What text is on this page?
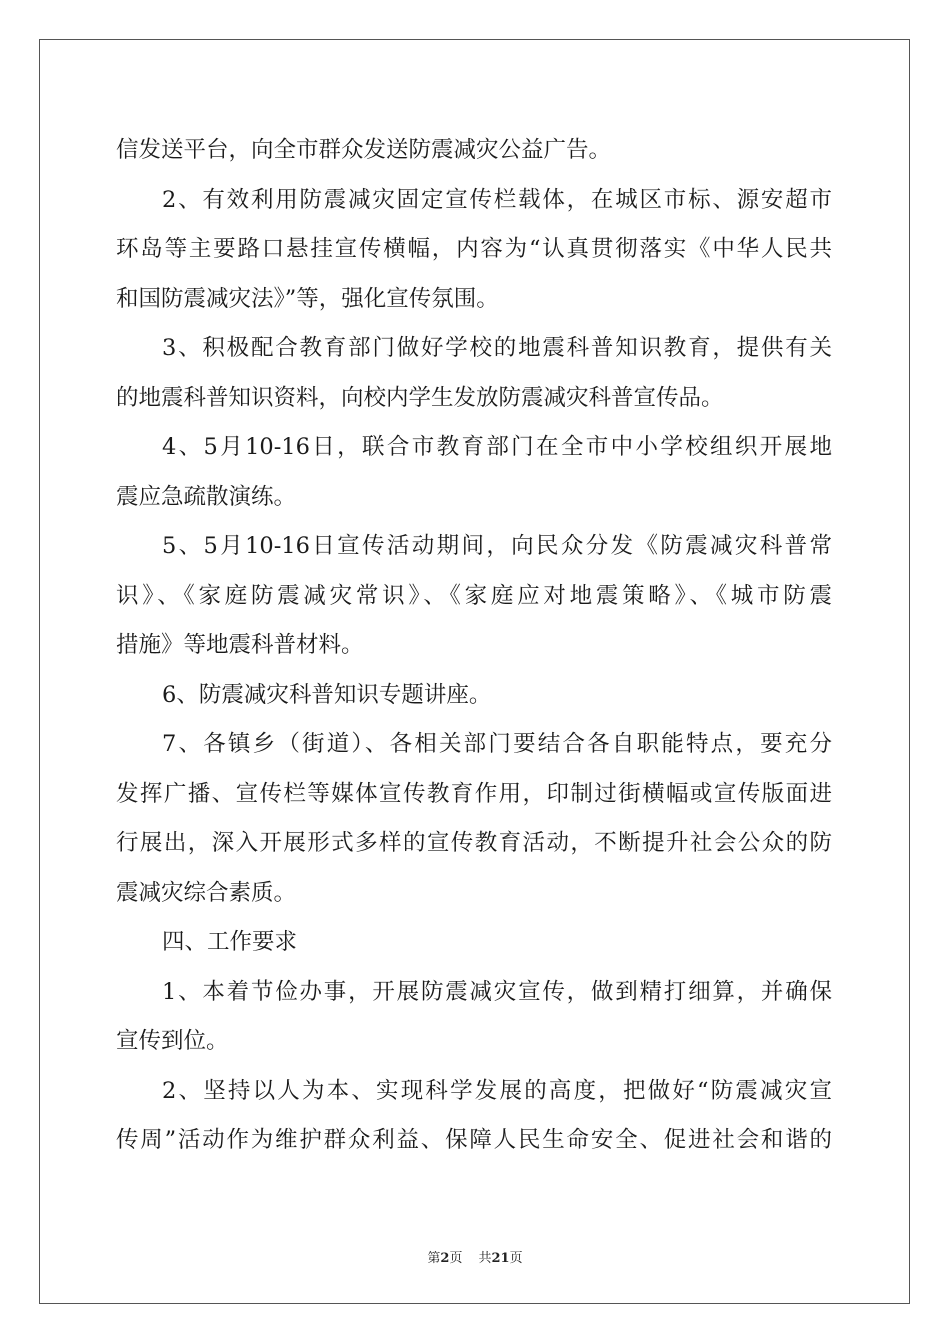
信发送平台，向全市群众发送防震减灾公益广告。
2、有效利用防震减灾固定宣传栏载体，在城区市标、源安超市
环岛等主要路口悬挂宣传横幅，内容为“认真贯彻落实《中华人民共
和国防震减灾法》”等，强化宣传氛围。
3、积极配合教育部门做好学校的地震科普知识教育，提供有关
的地震科普知识资料，向校内学生发放防震减灾科普宣传品。
4、5月10-16日，联合市教育部门在全市中小学校组织开展地
震应急疏散演练。
5、5月10-16日宣传活动期间，向民众分发《防震减灾科普常
识》、《家庭防震减灾常识》、《家庭应对地震策略》、《城市防震
措施》等地震科普材料。
6、防震减灾科普知识专题讲座。
7、各镇乡（街道）、各相关部门要结合各自职能特点，要充分
发挥广播、宣传栏等媒体宣传教育作用，印制过街横幅或宣传版面进
行展出，深入开展形式多样的宣传教育活动，不断提升社会公众的防
震减灾综合素质。
四、工作要求
1、本着节俭办事，开展防震减灾宣传，做到精打细算，并确保
宣传到位。
2、坚持以人为本、实现科学发展的高度，把做好“防震减灾宣
传周”活动作为维护群众利益、保障人民生命安全、促进社会和谐的
第2页 共21页
